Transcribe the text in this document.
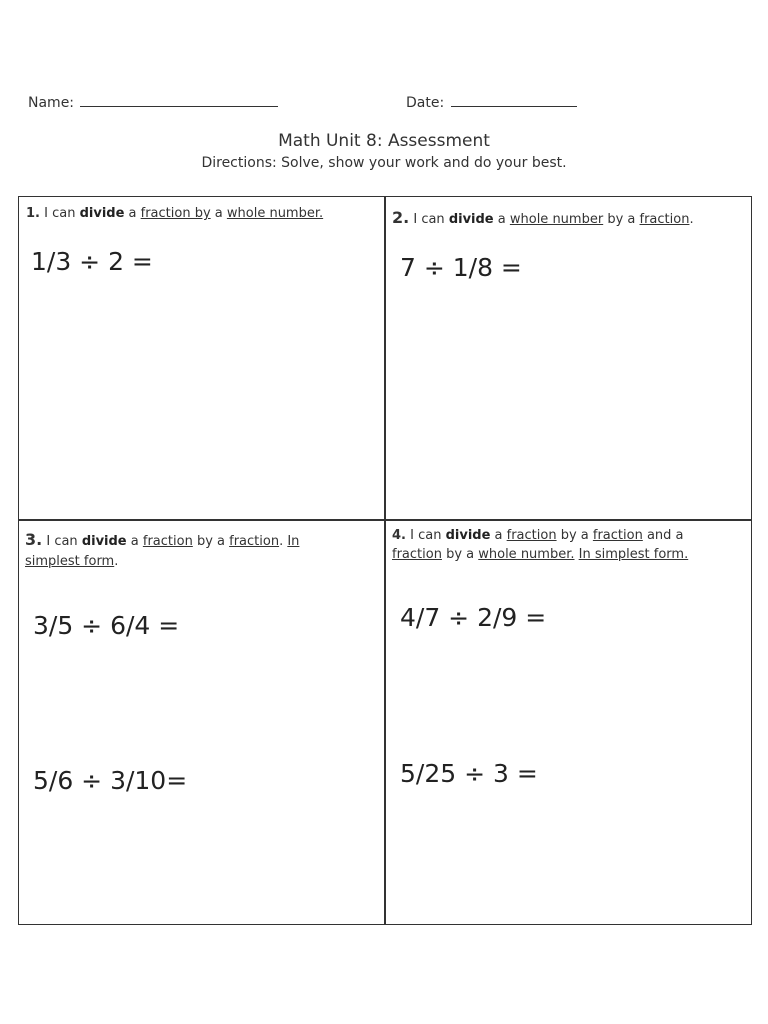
Name:	Date:
Math Unit 8: Assessment
Directions: Solve, show your work and do your best.
1. I can divide a fraction by a whole number.
1/3 ÷ 2 =
2. I can divide a whole number by a fraction.
7 ÷ 1/8 =
3. I can divide a fraction by a fraction. In
simplest form.
3/5 ÷ 6/4 =
5/6 ÷ 3/10=
4. I can divide a fraction by a fraction and a
fraction by a whole number. In simplest form.
4/7 ÷ 2/9 =
5/25 ÷ 3 =
